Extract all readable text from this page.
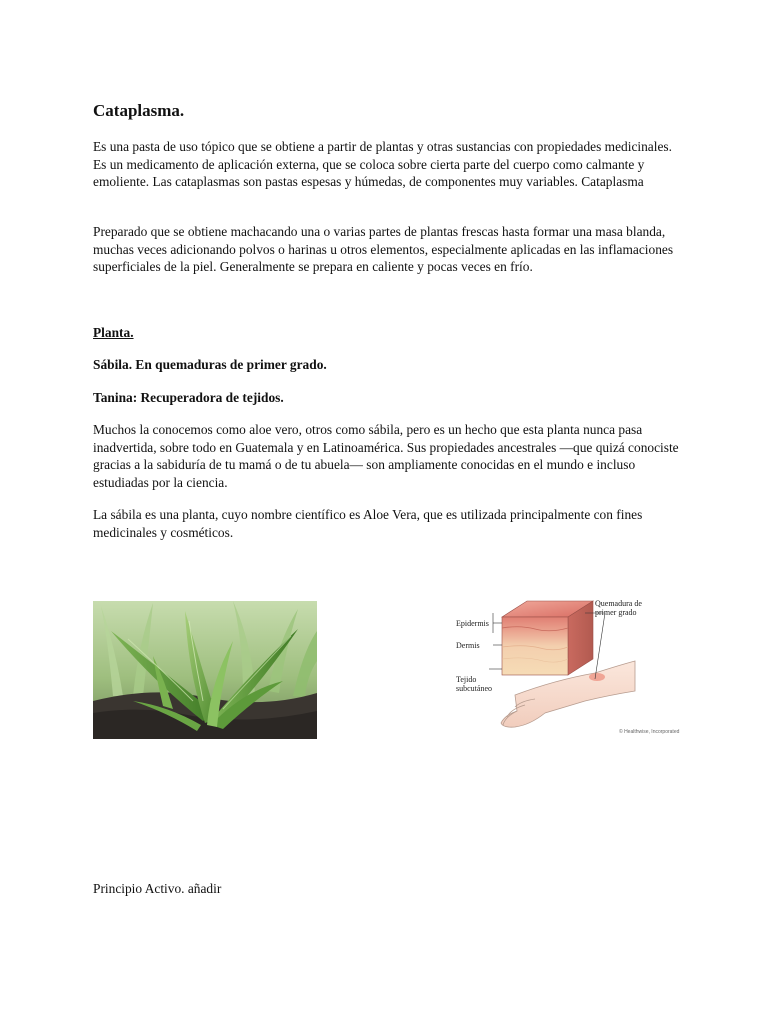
Cataplasma.

Es una pasta de uso tópico que se obtiene a partir de plantas y otras sustancias con propiedades medicinales. Es un medicamento de aplicación externa, que se coloca sobre cierta parte del cuerpo como calmante y emoliente. Las cataplasmas son pastas espesas y húmedas, de componentes muy variables. Cataplasma

Preparado que se obtiene machacando una o varias partes de plantas frescas hasta formar una masa blanda, muchas veces adicionando polvos o harinas u otros elementos, especialmente aplicadas en las inflamaciones superficiales de la piel. Generalmente se prepara en caliente y pocas veces en frío.

Planta.

Sábila. En quemaduras de primer grado.

Tanina: Recuperadora de tejidos.

Muchos la conocemos como aloe vero, otros como sábila, pero es un hecho que esta planta nunca pasa inadvertida, sobre todo en Guatemala y en Latinoamérica. Sus propiedades ancestrales —que quizá conociste gracias a la sabiduría de tu mamá o de tu abuela— son ampliamente conocidas en el mundo e incluso estudiadas por la ciencia.

La sábila es una planta, cuyo nombre científico es Aloe Vera, que es utilizada principalmente con fines medicinales y cosméticos.

Quemadura de
primer grado
Epidermis
Dermis
Tejido
subcutáneo
© Healthwise, Incorporated

Principio Activo. añadir
